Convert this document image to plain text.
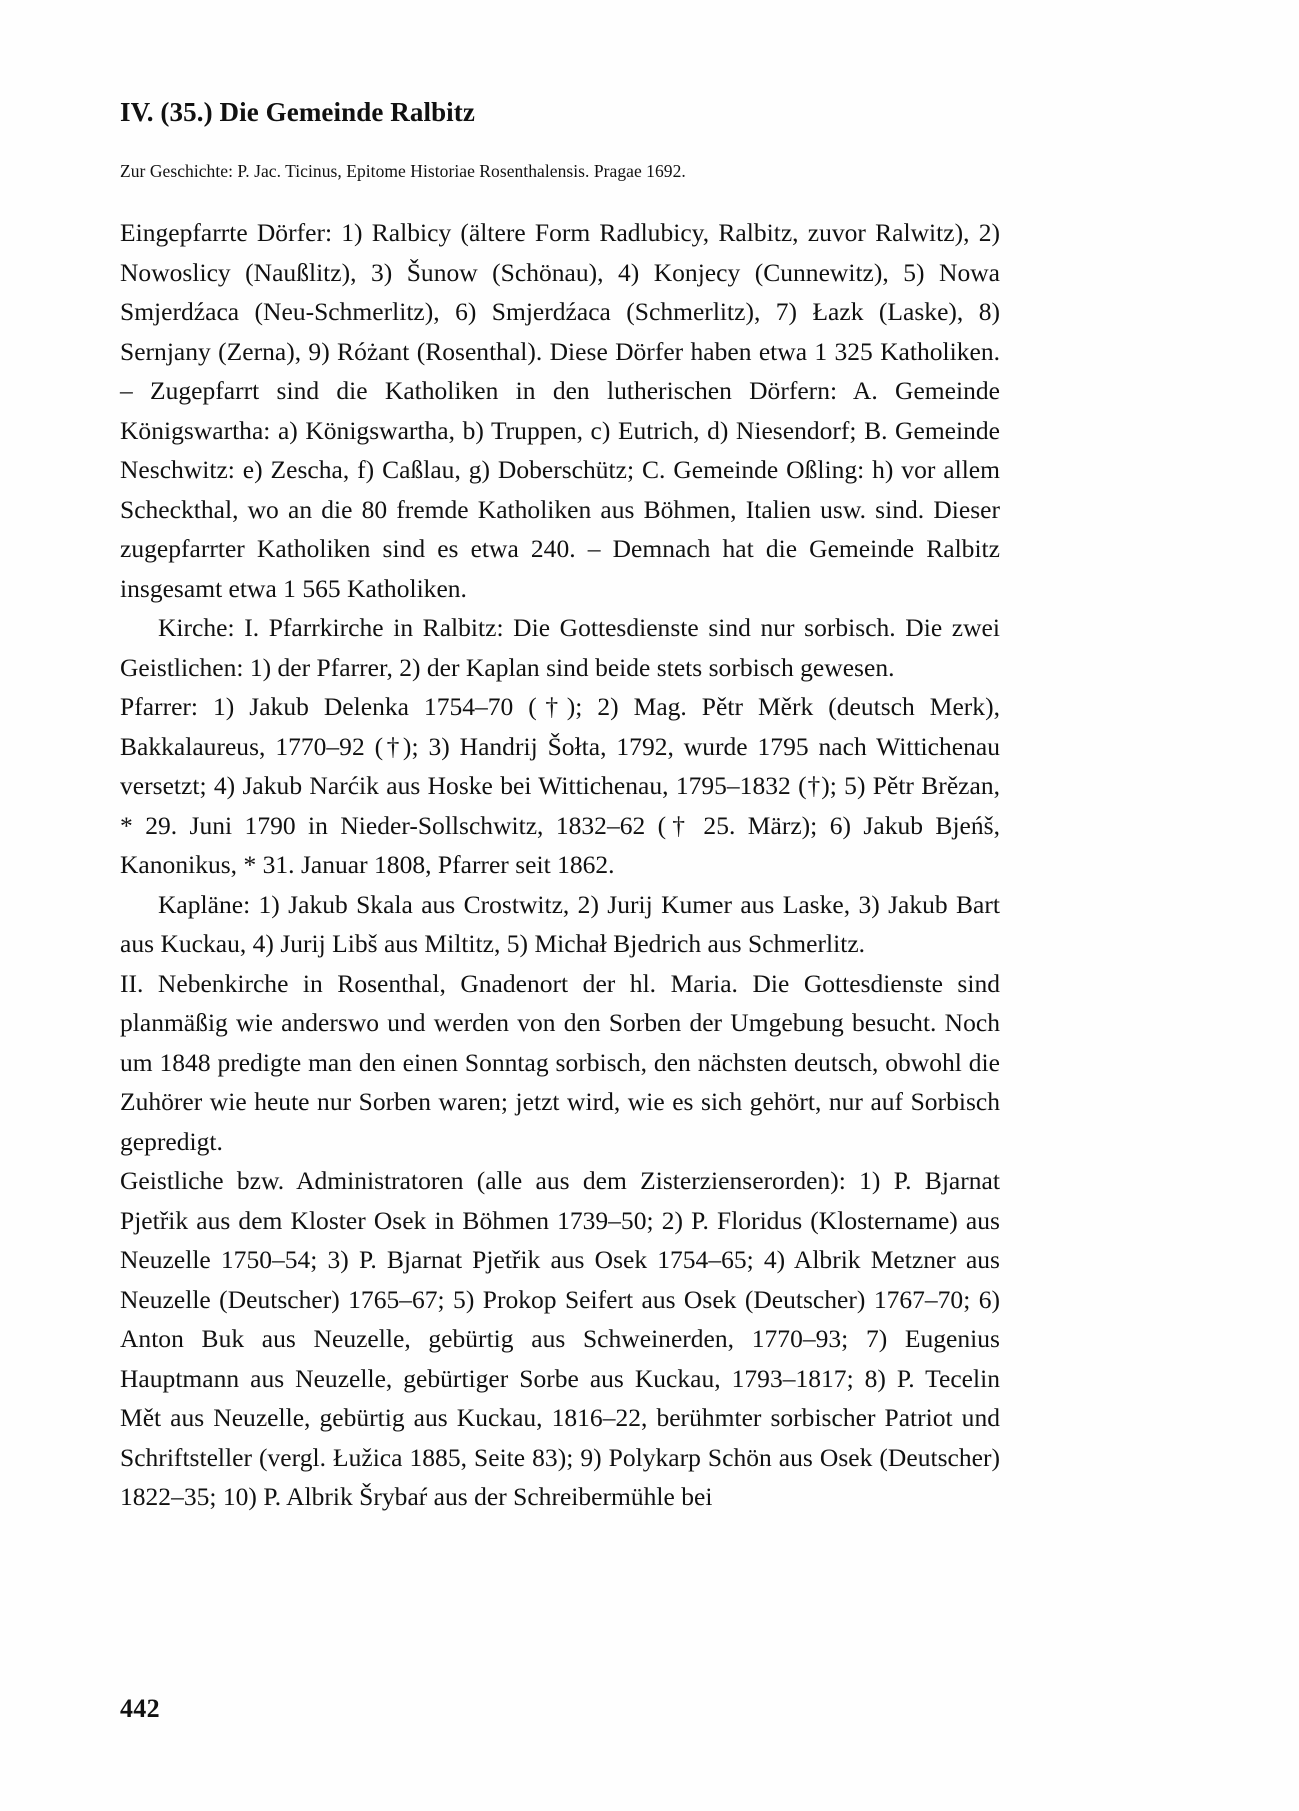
IV. (35.) Die Gemeinde Ralbitz
Zur Geschichte: P. Jac. Ticinus, Epitome Historiae Rosenthalensis. Pragae 1692.

Eingepfarrte Dörfer: 1) Ralbicy (ältere Form Radlubicy, Ralbitz, zuvor Ralwitz), 2) Nowoslicy (Naußlitz), 3) Šunow (Schönau), 4) Konjecy (Cunnewitz), 5) Nowa Smjerdźaca (Neu-Schmerlitz), 6) Smjerdźaca (Schmerlitz), 7) Łazk (Laske), 8) Sernjany (Zerna), 9) Różant (Rosenthal). Diese Dörfer haben etwa 1 325 Katholiken. – Zugepfarrt sind die Katholiken in den lutherischen Dörfern: A. Gemeinde Königswartha: a) Königswartha, b) Truppen, c) Eutrich, d) Niesendorf; B. Gemeinde Neschwitz: e) Zescha, f) Caßlau, g) Doberschütz; C. Gemeinde Oßling: h) vor allem Scheckthal, wo an die 80 fremde Katholiken aus Böhmen, Italien usw. sind. Dieser zugepfarrter Katholiken sind es etwa 240. – Demnach hat die Gemeinde Ralbitz insgesamt etwa 1 565 Katholiken.

Kirche: I. Pfarrkirche in Ralbitz: Die Gottesdienste sind nur sorbisch. Die zwei Geistlichen: 1) der Pfarrer, 2) der Kaplan sind beide stets sorbisch gewesen.

Pfarrer: 1) Jakub Delenka 1754–70 (†); 2) Mag. Pětr Měrk (deutsch Merk), Bakkalaureus, 1770–92 (†); 3) Handrij Šołta, 1792, wurde 1795 nach Wittichenau versetzt; 4) Jakub Narćik aus Hoske bei Wittichenau, 1795–1832 (†); 5) Pětr Brězan, * 29. Juni 1790 in Nieder-Sollschwitz, 1832–62 († 25. März); 6) Jakub Bjeńš, Kanonikus, * 31. Januar 1808, Pfarrer seit 1862.

Kapläne: 1) Jakub Skala aus Crostwitz, 2) Jurij Kumer aus Laske, 3) Jakub Bart aus Kuckau, 4) Jurij Libš aus Miltitz, 5) Michał Bjedrich aus Schmerlitz.

II. Nebenkirche in Rosenthal, Gnadenort der hl. Maria. Die Gottesdienste sind planmäßig wie anderswo und werden von den Sorben der Umgebung besucht. Noch um 1848 predigte man den einen Sonntag sorbisch, den nächsten deutsch, obwohl die Zuhörer wie heute nur Sorben waren; jetzt wird, wie es sich gehört, nur auf Sorbisch gepredigt.

Geistliche bzw. Administratoren (alle aus dem Zisterzienserorden): 1) P. Bjarnat Pjetřik aus dem Kloster Osek in Böhmen 1739–50; 2) P. Floridus (Klostername) aus Neuzelle 1750–54; 3) P. Bjarnat Pjetřik aus Osek 1754–65; 4) Albrik Metzner aus Neuzelle (Deutscher) 1765–67; 5) Prokop Seifert aus Osek (Deutscher) 1767–70; 6) Anton Buk aus Neuzelle, gebürtig aus Schweinerden, 1770–93; 7) Eugenius Hauptmann aus Neuzelle, gebürtiger Sorbe aus Kuckau, 1793–1817; 8) P. Tecelin Mět aus Neuzelle, gebürtig aus Kuckau, 1816–22, berühmter sorbischer Patriot und Schriftsteller (vergl. Łužica 1885, Seite 83); 9) Polykarp Schön aus Osek (Deutscher) 1822–35; 10) P. Albrik Šrybaŕ aus der Schreibermühle bei

442
